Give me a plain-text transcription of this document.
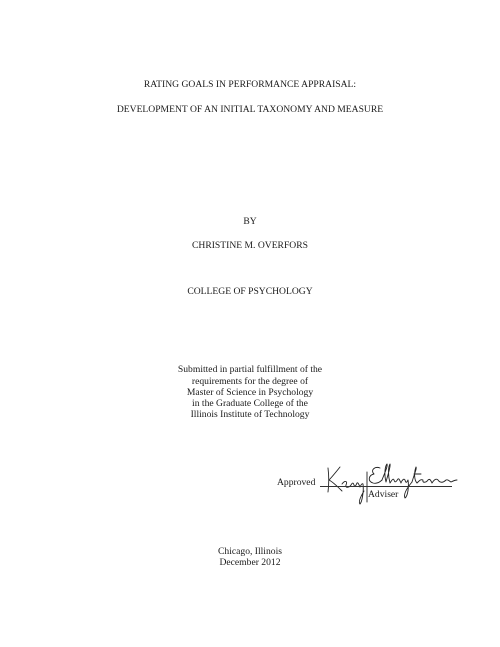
RATING GOALS IN PERFORMANCE APPRAISAL:
DEVELOPMENT OF AN INITIAL TAXONOMY AND MEASURE
BY
CHRISTINE M. OVERFORS
COLLEGE OF PSYCHOLOGY
Submitted in partial fulfillment of the
requirements for the degree of
Master of Science in Psychology
in the Graduate College of the
Illinois Institute of Technology
Approved
Adviser
Chicago, Illinois
December 2012
